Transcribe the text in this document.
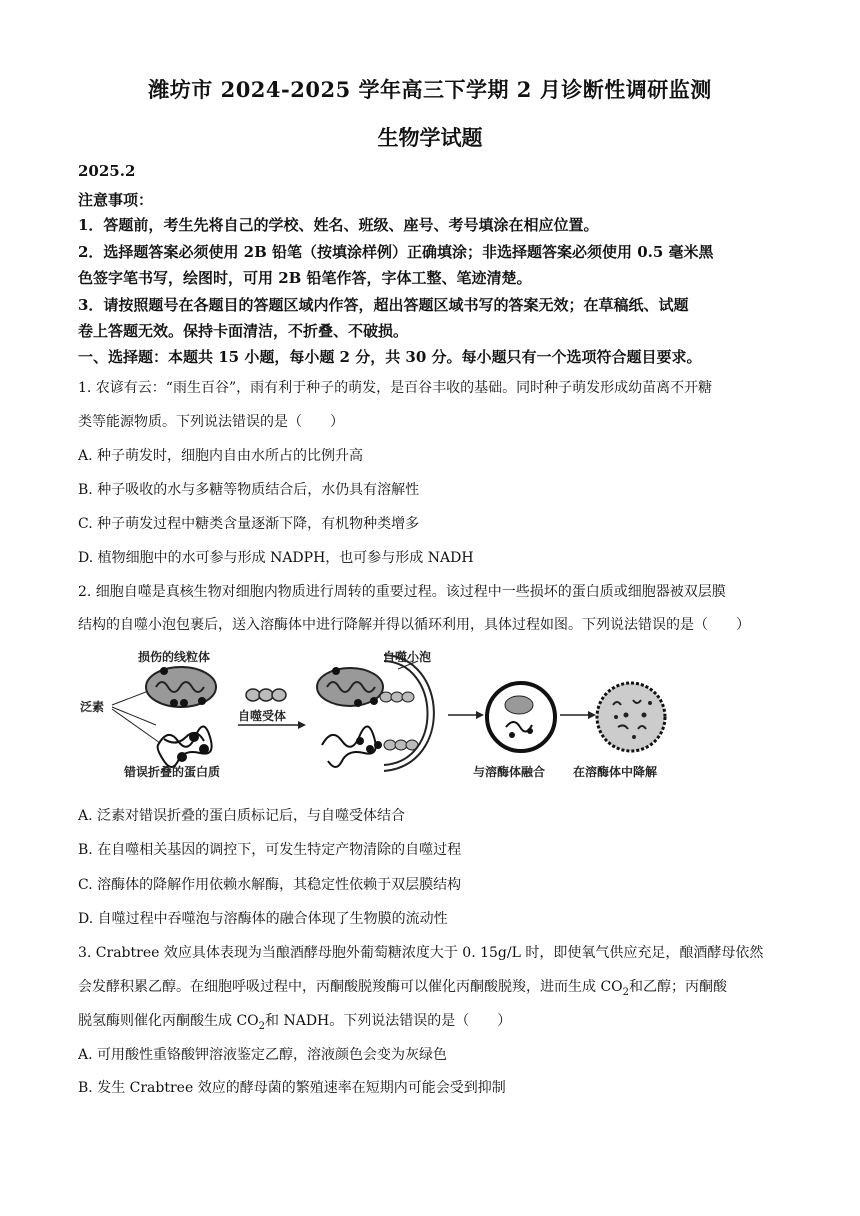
潍坊市 2024-2025 学年高三下学期 2 月诊断性调研监测
生物学试题
2025.2
注意事项：
1．答题前，考生先将自己的学校、姓名、班级、座号、考号填涂在相应位置。
2．选择题答案必须使用 2B 铅笔（按填涂样例）正确填涂；非选择题答案必须使用 0.5 毫米黑
色签字笔书写，绘图时，可用 2B 铅笔作答，字体工整、笔迹清楚。
3．请按照题号在各题目的答题区域内作答，超出答题区域书写的答案无效；在草稿纸、试题
卷上答题无效。保持卡面清洁，不折叠、不破损。
一、选择题：本题共 15 小题，每小题 2 分，共 30 分。每小题只有一个选项符合题目要求。
1. 农谚有云：“雨生百谷”，雨有利于种子的萌发，是百谷丰收的基础。同时种子萌发形成幼苗离不开糖
类等能源物质。下列说法错误的是（　　）
A. 种子萌发时，细胞内自由水所占的比例升高
B. 种子吸收的水与多糖等物质结合后，水仍具有溶解性
C. 种子萌发过程中糖类含量逐渐下降，有机物种类增多
D. 植物细胞中的水可参与形成 NADPH，也可参与形成 NADH
2. 细胞自噬是真核生物对细胞内物质进行周转的重要过程。该过程中一些损坏的蛋白质或细胞器被双层膜
结构的自噬小泡包裹后，送入溶酶体中进行降解并得以循环利用，具体过程如图。下列说法错误的是（　　）
损伤的线粒体
泛素
错误折叠的蛋白质
自噬受体
自噬小泡
与溶酶体融合 在溶酶体中降解
A. 泛素对错误折叠的蛋白质标记后，与自噬受体结合
B. 在自噬相关基因的调控下，可发生特定产物清除的自噬过程
C. 溶酶体的降解作用依赖水解酶，其稳定性依赖于双层膜结构
D. 自噬过程中吞噬泡与溶酶体的融合体现了生物膜的流动性
3. Crabtree 效应具体表现为当酿酒酵母胞外葡萄糖浓度大于 0. 15g/L 时，即使氧气供应充足，酿酒酵母依然
会发酵积累乙醇。在细胞呼吸过程中，丙酮酸脱羧酶可以催化丙酮酸脱羧，进而生成 $CO_2$和乙醇；丙酮酸
脱氢酶则催化丙酮酸生成 $CO_2$和 NADH。下列说法错误的是（　　）
A. 可用酸性重铬酸钾溶液鉴定乙醇，溶液颜色会变为灰绿色
B. 发生 Crabtree 效应的酵母菌的繁殖速率在短期内可能会受到抑制
